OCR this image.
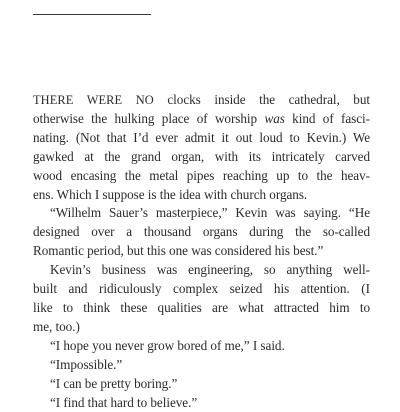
THERE WERE NO clocks inside the cathedral, but
otherwise the hulking place of worship was kind of fasci-
nating. (Not that I’d ever admit it out loud to Kevin.) We
gawked at the grand organ, with its intricately carved
wood encasing the metal pipes reaching up to the heav-
ens. Which I suppose is the idea with church organs.
“Wilhelm Sauer’s masterpiece,” Kevin was saying. “He
designed over a thousand organs during the so-called
Romantic period, but this one was considered his best.”
Kevin’s business was engineering, so anything well-
built and ridiculously complex seized his attention. (I
like to think these qualities are what attracted him to
me, too.)
“I hope you never grow bored of me,” I said.
“Impossible.”
“I can be pretty boring.”
“I find that hard to believe.”
